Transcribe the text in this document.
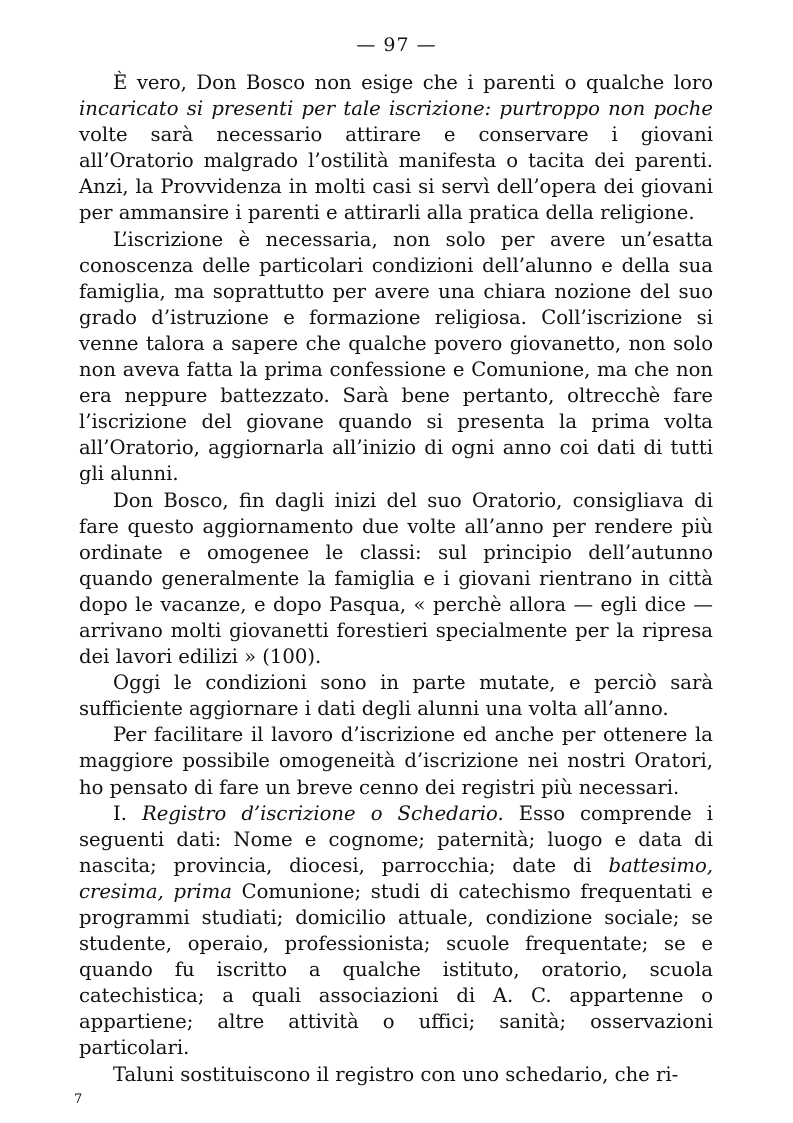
— 97 —

È vero, Don Bosco non esige che i parenti o qualche loro incaricato si presenti per tale iscrizione: purtroppo non poche volte sarà necessario attirare e conservare i giovani all’Oratorio malgrado l’ostilità manifesta o tacita dei parenti. Anzi, la Provvidenza in molti casi si servì dell’opera dei giovani per ammansire i parenti e attirarli alla pratica della religione.

L’iscrizione è necessaria, non solo per avere un’esatta conoscenza delle particolari condizioni dell’alunno e della sua famiglia, ma soprattutto per avere una chiara nozione del suo grado d’istruzione e formazione religiosa. Coll’iscrizione si venne talora a sapere che qualche povero giovanetto, non solo non aveva fatta la prima confessione e Comunione, ma che non era neppure battezzato. Sarà bene pertanto, oltrecchè fare l’iscrizione del giovane quando si presenta la prima volta all’Oratorio, aggiornarla all’inizio di ogni anno coi dati di tutti gli alunni.

Don Bosco, fin dagli inizi del suo Oratorio, consigliava di fare questo aggiornamento due volte all’anno per rendere più ordinate e omogenee le classi: sul principio dell’autunno quando generalmente la famiglia e i giovani rientrano in città dopo le vacanze, e dopo Pasqua, « perchè allora — egli dice — arrivano molti giovanetti forestieri specialmente per la ripresa dei lavori edilizi » (100).

Oggi le condizioni sono in parte mutate, e perciò sarà sufficiente aggiornare i dati degli alunni una volta all’anno.

Per facilitare il lavoro d’iscrizione ed anche per ottenere la maggiore possibile omogeneità d’iscrizione nei nostri Oratori, ho pensato di fare un breve cenno dei registri più necessari.

I. Registro d’iscrizione o Schedario. Esso comprende i seguenti dati: Nome e cognome; paternità; luogo e data di nascita; provincia, diocesi, parrocchia; date di battesimo, cresima, prima Comunione; studi di catechismo frequentati e programmi studiati; domicilio attuale, condizione sociale; se studente, operaio, professionista; scuole frequentate; se e quando fu iscritto a qualche istituto, oratorio, scuola catechistica; a quali associazioni di A. C. appartenne o appartiene; altre attività o uffici; sanità; osservazioni particolari.

Taluni sostituiscono il registro con uno schedario, che ri-

7
